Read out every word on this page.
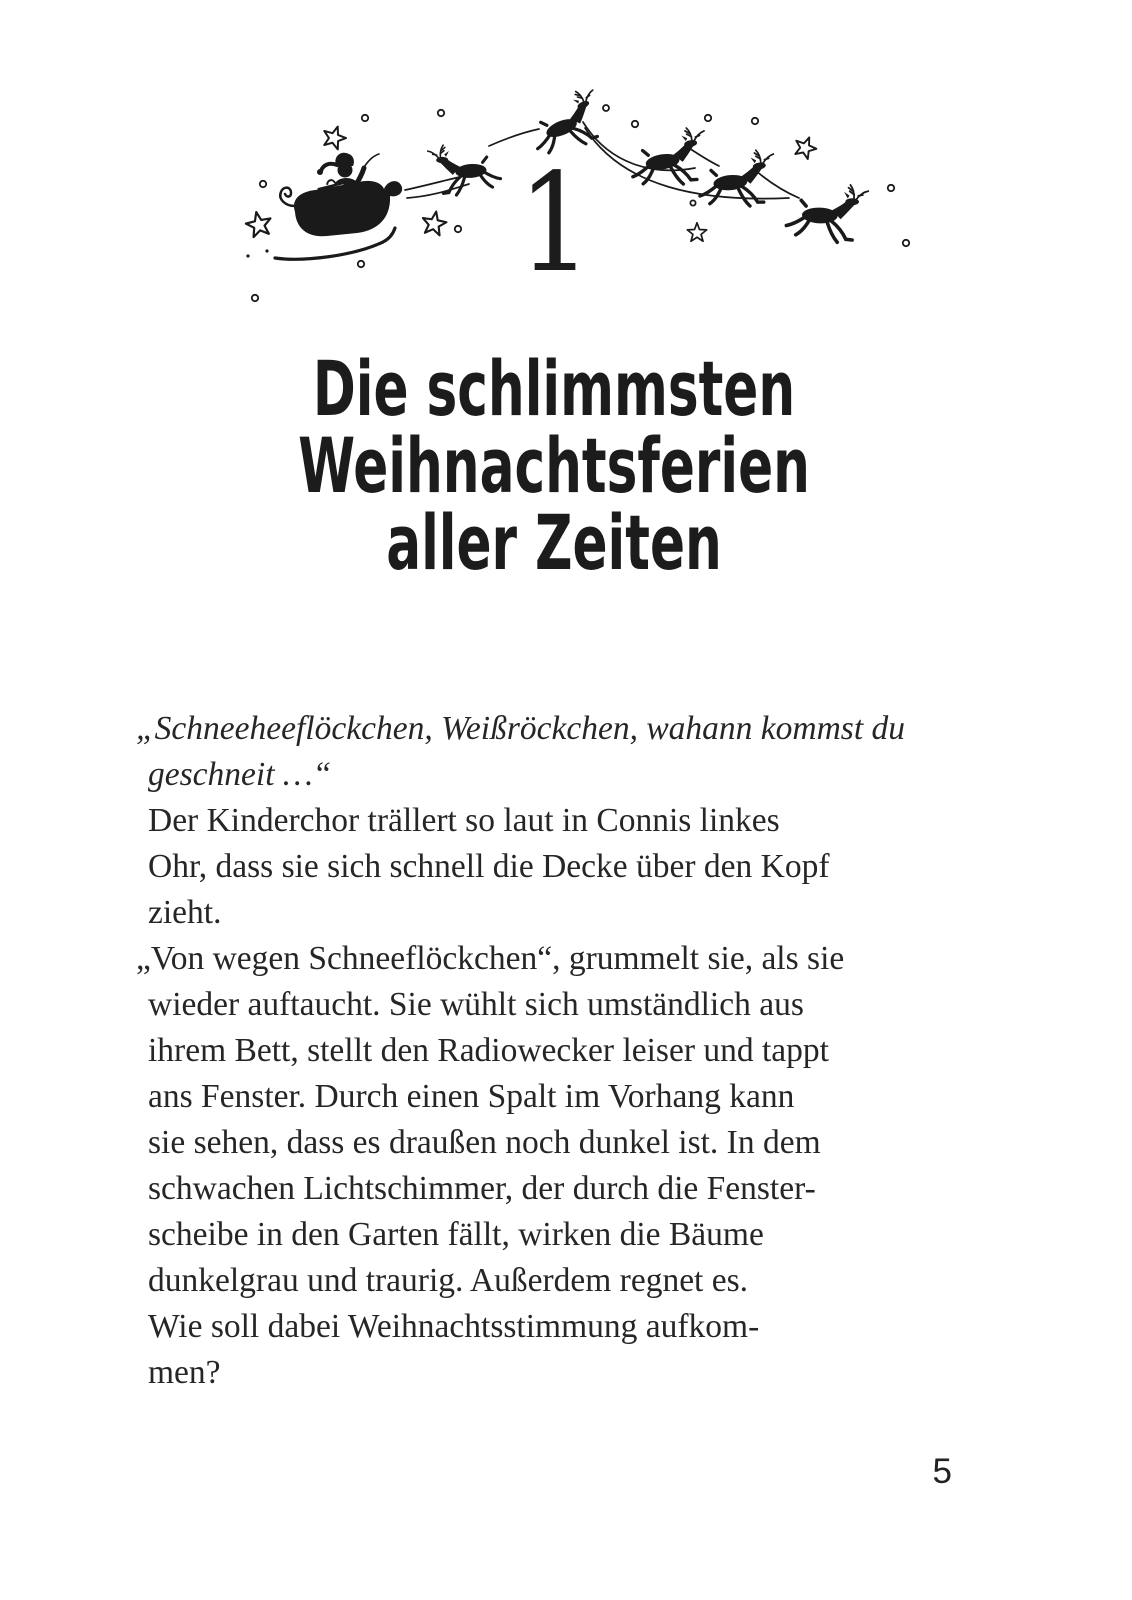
1
Die schlimmsten
Weihnachtsferien
aller Zeiten
„Schneeheeflöckchen, Weißröckchen, wahann kommst du
geschneit …“
Der Kinderchor trällert so laut in Connis linkes
Ohr, dass sie sich schnell die Decke über den Kopf
zieht.
„Von wegen Schneeflöckchen“, grummelt sie, als sie
wieder auftaucht. Sie wühlt sich umständlich aus
ihrem Bett, stellt den Radiowecker leiser und tappt
ans Fenster. Durch einen Spalt im Vorhang kann
sie sehen, dass es draußen noch dunkel ist. In dem
schwachen Lichtschimmer, der durch die Fenster-
scheibe in den Garten fällt, wirken die Bäume
dunkelgrau und traurig. Außerdem regnet es.
Wie soll dabei Weihnachtsstimmung aufkom-
men?
5
